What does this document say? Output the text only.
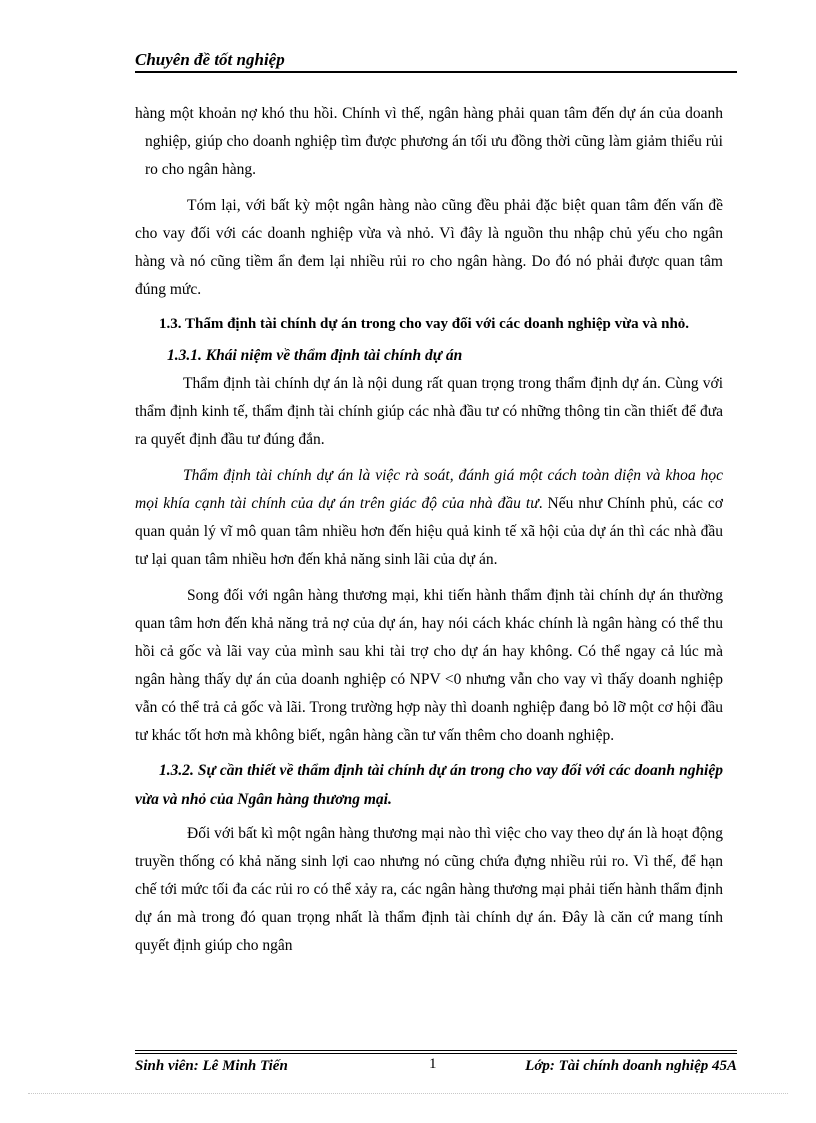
Chuyên đề tốt nghiệp

hàng một khoản nợ khó thu hồi. Chính vì thế, ngân hàng phải quan tâm đến dự án của doanh nghiệp, giúp cho doanh nghiệp tìm được phương án tối ưu đồng thời cũng làm giảm thiểu rủi ro cho ngân hàng.

Tóm lại, với bất kỳ một ngân hàng nào cũng đều phải đặc biệt quan tâm đến vấn đề cho vay đối với các doanh nghiệp vừa và nhỏ. Vì đây là nguồn thu nhập chủ yếu cho ngân hàng và nó cũng tiềm ẩn đem lại nhiều rủi ro cho ngân hàng. Do đó nó phải được quan tâm đúng mức.

1.3. Thẩm định tài chính dự án trong cho vay đối với các doanh nghiệp vừa và nhỏ.

1.3.1. Khái niệm về thẩm định tài chính dự án

Thẩm định tài chính dự án là nội dung rất quan trọng trong thẩm định dự án. Cùng với thẩm định kinh tế, thẩm định tài chính giúp các nhà đầu tư có những thông tin cần thiết để đưa ra quyết định đầu tư đúng đắn.

Thẩm định tài chính dự án là việc rà soát, đánh giá một cách toàn diện và khoa học mọi khía cạnh tài chính của dự án trên giác độ của nhà đầu tư. Nếu như Chính phủ, các cơ quan quản lý vĩ mô quan tâm nhiều hơn đến hiệu quả kinh tế xã hội của dự án thì các nhà đầu tư lại quan tâm nhiều hơn đến khả năng sinh lãi của dự án.

Song đối với ngân hàng thương mại, khi tiến hành thẩm định tài chính dự án thường quan tâm hơn đến khả năng trả nợ của dự án, hay nói cách khác chính là ngân hàng có thể thu hồi cả gốc và lãi vay của mình sau khi tài trợ cho dự án hay không. Có thể ngay cả lúc mà ngân hàng thấy dự án của doanh nghiệp có NPV <0 nhưng vẫn cho vay vì thấy doanh nghiệp vẫn có thể trả cả gốc và lãi. Trong trường hợp này thì doanh nghiệp đang bỏ lỡ một cơ hội đầu tư khác tốt hơn mà không biết, ngân hàng cần tư vấn thêm cho doanh nghiệp.

1.3.2. Sự cần thiết về thẩm định tài chính dự án trong cho vay đối với các doanh nghiệp vừa và nhỏ của Ngân hàng thương mại.

Đối với bất kì một ngân hàng thương mại nào thì việc cho vay theo dự án là hoạt động truyền thống có khả năng sinh lợi cao nhưng nó cũng chứa đựng nhiều rủi ro. Vì thế, để hạn chế tới mức tối đa các rủi ro có thể xảy ra, các ngân hàng thương mại phải tiến hành thẩm định dự án mà trong đó quan trọng nhất là thẩm định tài chính dự án. Đây là căn cứ mang tính quyết định giúp cho ngân

Sinh viên: Lê Minh Tiến	1	Lớp: Tài chính doanh nghiệp 45A
